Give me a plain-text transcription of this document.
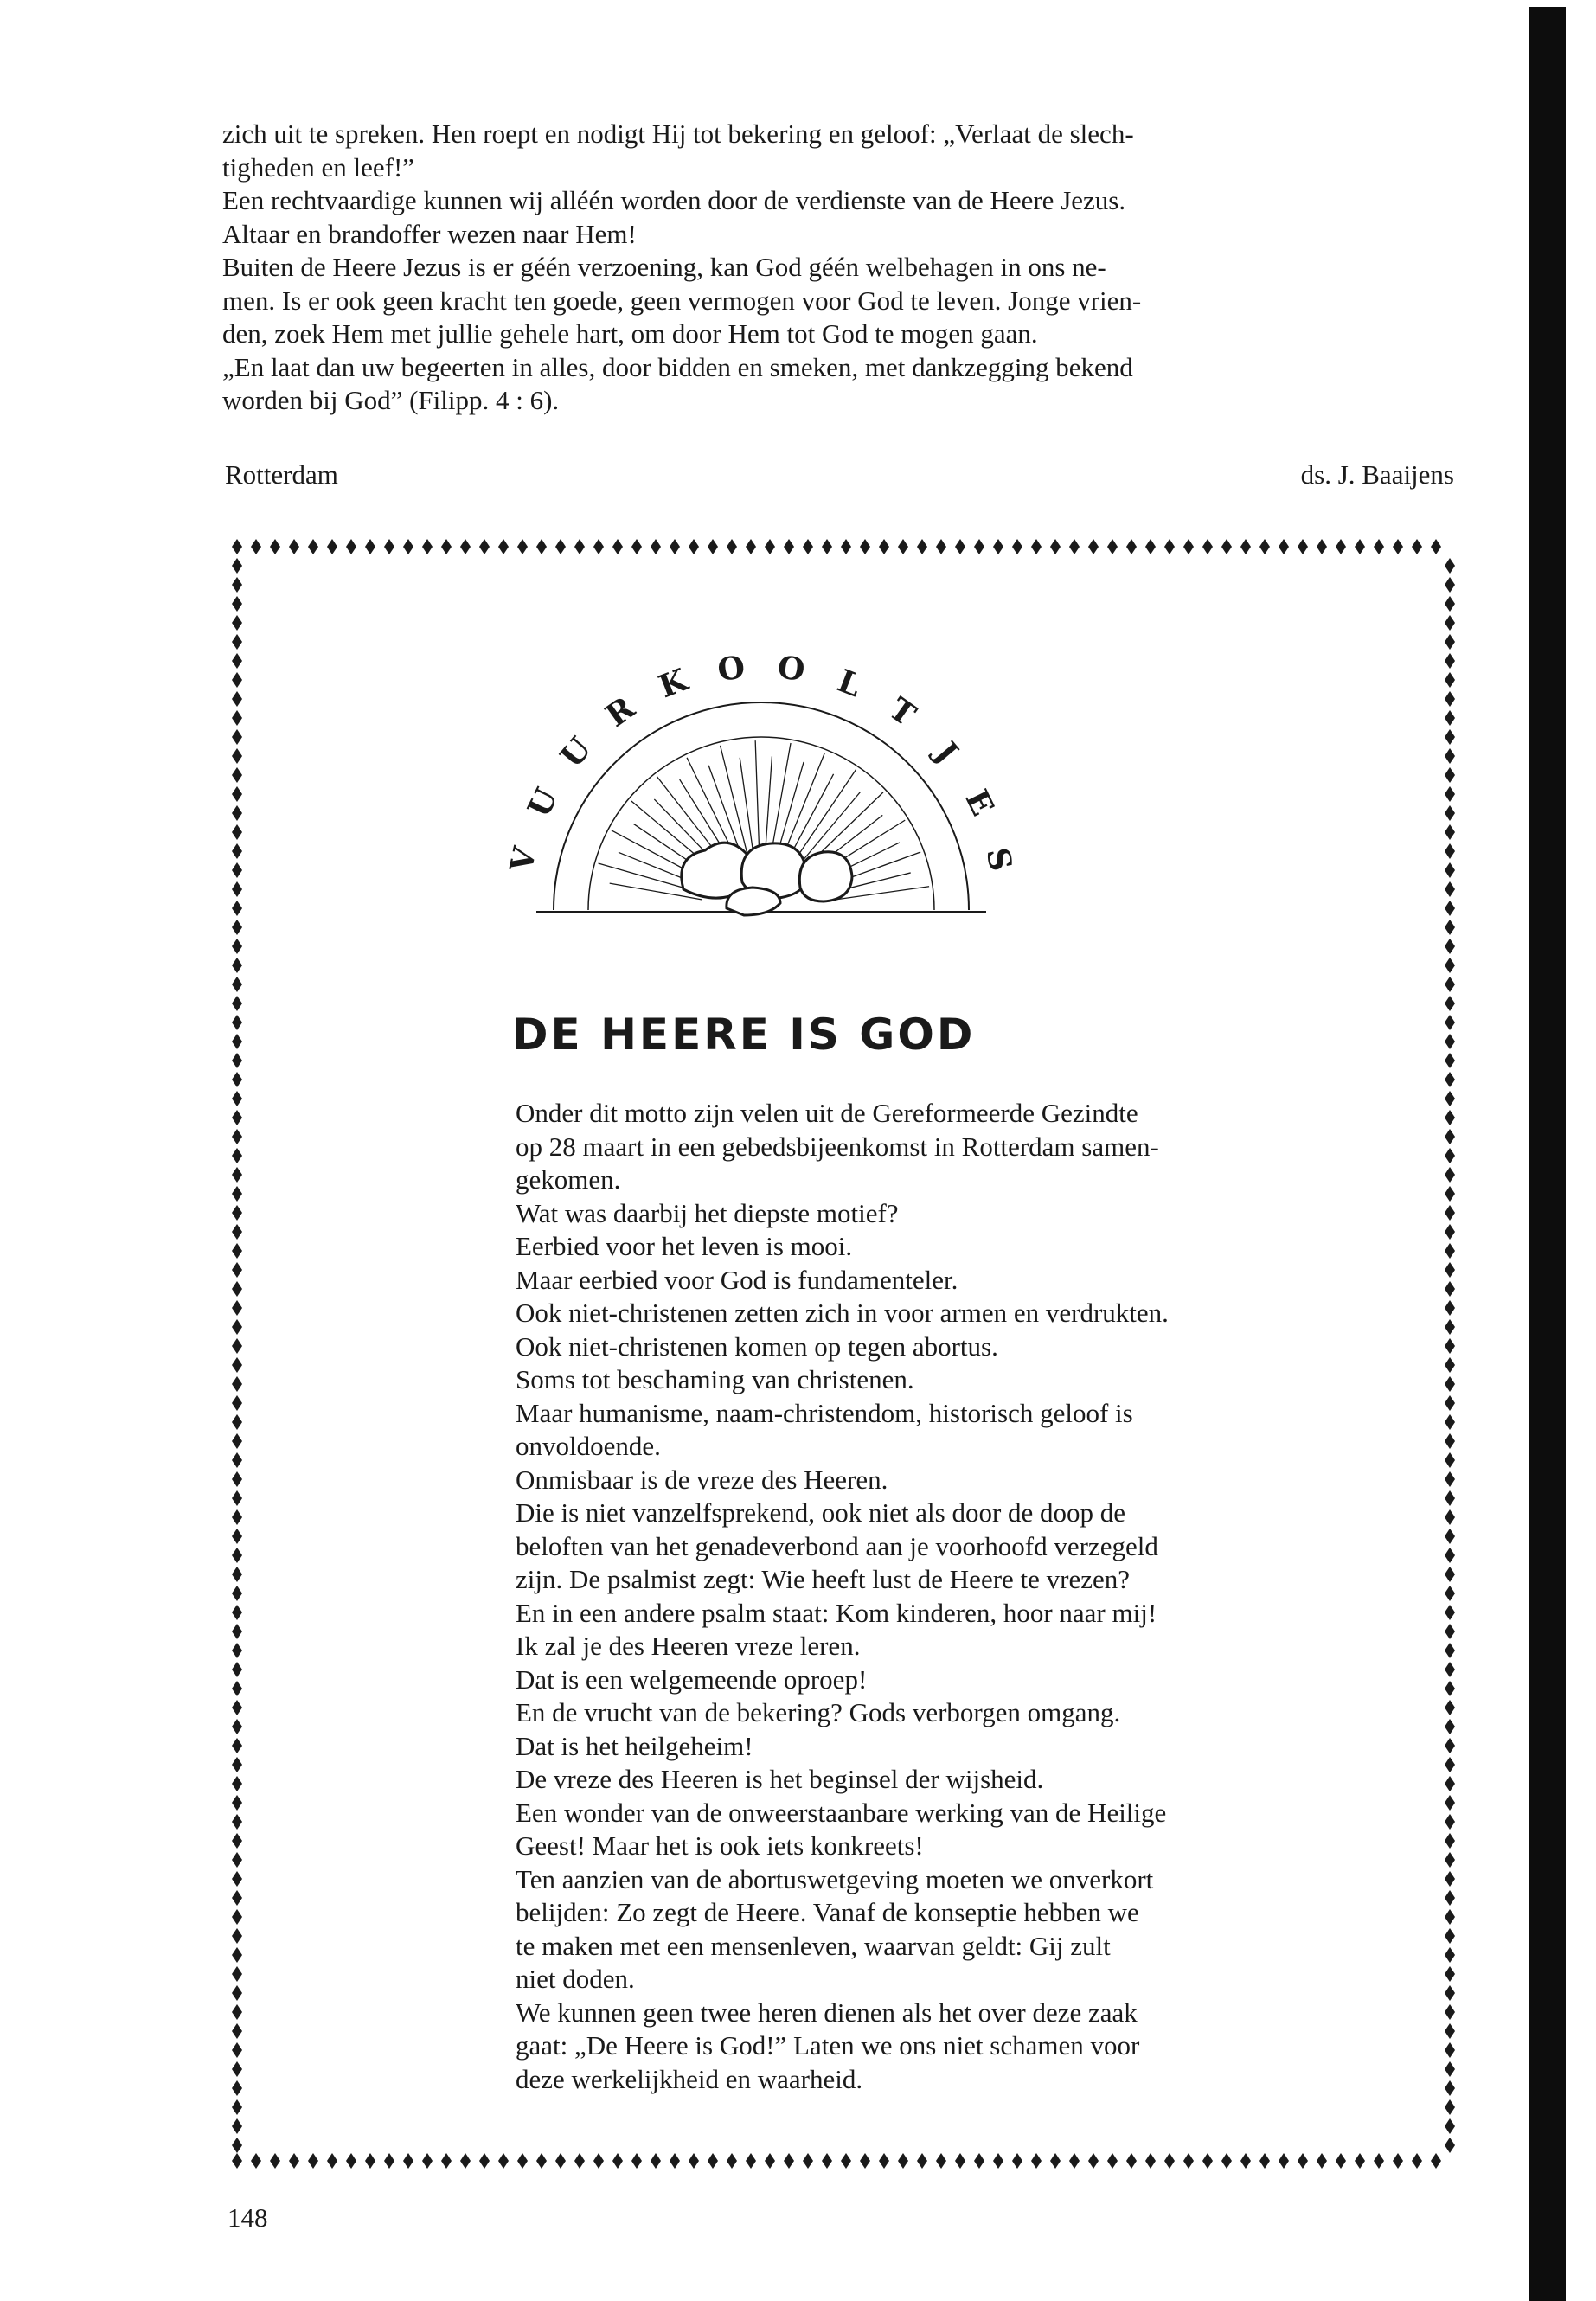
zich uit te spreken. Hen roept en nodigt Hij tot bekering en geloof: „Verlaat de slech-

tigheden en leef!”

Een rechtvaardige kunnen wij alléén worden door de verdienste van de Heere Jezus.

Altaar en brandoffer wezen naar Hem!

Buiten de Heere Jezus is er géén verzoening, kan God géén welbehagen in ons ne-

men. Is er ook geen kracht ten goede, geen vermogen voor God te leven. Jonge vrien-

den, zoek Hem met jullie gehele hart, om door Hem tot God te mogen gaan.

„En laat dan uw begeerten in alles, door bidden en smeken, met dankzegging bekend

worden bij God” (Filipp. 4 : 6).

Rotterdam	ds. J. Baaijens
V
U
U
R
K O O L
T
J
E
S
DE HEERE IS GOD

Onder dit motto zijn velen uit de Gereformeerde Gezindte

op 28 maart in een gebedsbijeenkomst in Rotterdam samen-

gekomen.

Wat was daarbij het diepste motief?

Eerbied voor het leven is mooi.

Maar eerbied voor God is fundamenteler.

Ook niet-christenen zetten zich in voor armen en verdrukten.

Ook niet-christenen komen op tegen abortus.

Soms tot beschaming van christenen.

Maar humanisme, naam-christendom, historisch geloof is

onvoldoende.

Onmisbaar is de vreze des Heeren.

Die is niet vanzelfsprekend, ook niet als door de doop de

beloften van het genadeverbond aan je voorhoofd verzegeld

zijn. De psalmist zegt: Wie heeft lust de Heere te vrezen?

En in een andere psalm staat: Kom kinderen, hoor naar mij!

Ik zal je des Heeren vreze leren.

Dat is een welgemeende oproep!

En de vrucht van de bekering? Gods verborgen omgang.

Dat is het heilgeheim!

De vreze des Heeren is het beginsel der wijsheid.

Een wonder van de onweerstaanbare werking van de Heilige

Geest! Maar het is ook iets konkreets!

Ten aanzien van de abortuswetgeving moeten we onverkort

belijden: Zo zegt de Heere. Vanaf de konseptie hebben we

te maken met een mensenleven, waarvan geldt: Gij zult

niet doden.

We kunnen geen twee heren dienen als het over deze zaak

gaat: „De Heere is God!” Laten we ons niet schamen voor

deze werkelijkheid en waarheid.

148
